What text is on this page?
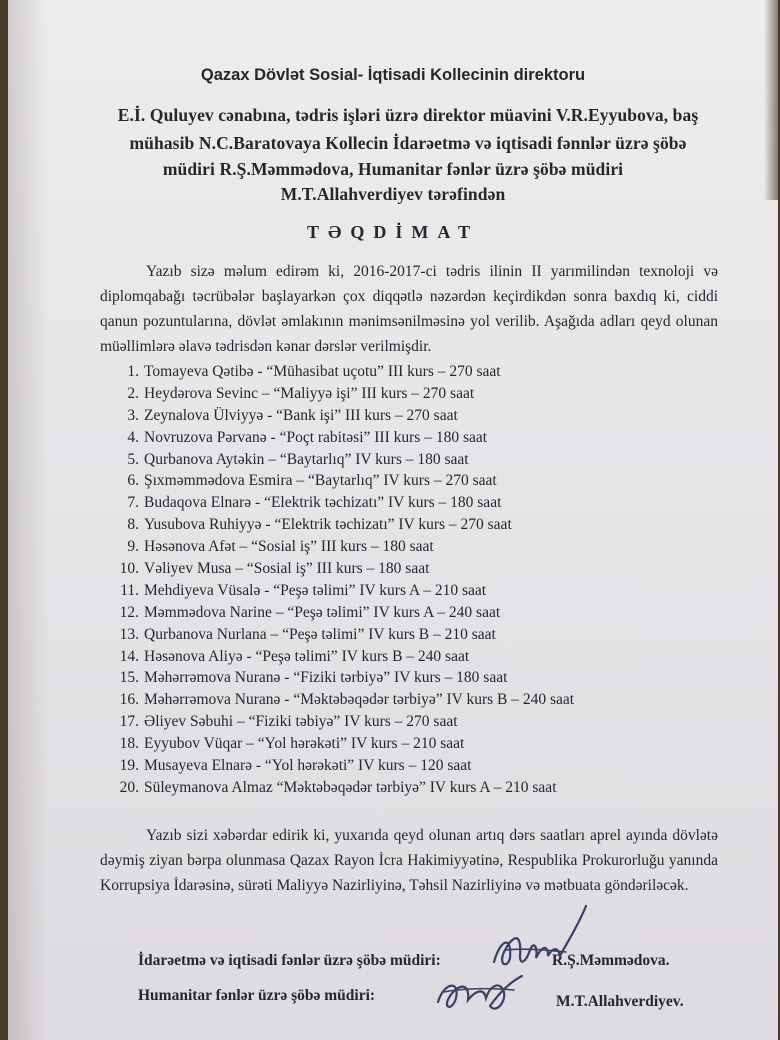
Qazax Dövlət Sosial- İqtisadi Kollecinin direktoru
E.İ. Quluyev cənabına, tədris işləri üzrə direktor müavini V.R.Eyyubova, baş
mühasib N.C.Baratovaya Kollecin İdarəetmə və iqtisadi fənnlər üzrə şöbə
müdiri R.Ş.Məmmədova, Humanitar fənlər üzrə şöbə müdiri
M.T.Allahverdiyev tərəfindən
TƏQDİMAT
Yazıb sizə məlum edirəm ki, 2016-2017-ci tədris ilinin II yarımilindən texnoloji və diplomqabağı təcrübələr başlayarkən çox diqqətlə nəzərdən keçirdikdən sonra baxdıq ki, ciddi qanun pozuntularına, dövlət əmlakının mənimsənilməsinə yol verilib. Aşağıda adları qeyd olunan müəllimlərə əlavə tədrisdən kənar dərslər verilmişdir.
1. Tomayeva Qətibə - “Mühasibat uçotu” III kurs – 270 saat
2. Heydərova Sevinc – “Maliyyə işi” III kurs – 270 saat
3. Zeynalova Ülviyyə - “Bank işi” III kurs – 270 saat
4. Novruzova Pərvanə - “Poçt rabitəsi” III kurs – 180 saat
5. Qurbanova Aytəkin – “Baytarlıq” IV kurs – 180 saat
6. Şıxməmmədova Esmira – “Baytarlıq” IV kurs – 270 saat
7. Budaqova Elnarə - “Elektrik təchizatı” IV kurs – 180 saat
8. Yusubova Ruhiyyə - “Elektrik təchizatı” IV kurs – 270 saat
9. Həsənova Afət – “Sosial iş” III kurs – 180 saat
10. Vəliyev Musa – “Sosial iş” III kurs – 180 saat
11. Mehdiyeva Vüsalə - “Peşə təlimi” IV kurs A – 210 saat
12. Məmmədova Narine – “Peşə təlimi” IV kurs A – 240 saat
13. Qurbanova Nurlana – “Peşə təlimi” IV kurs B – 210 saat
14. Həsənova Aliyə - “Peşə təlimi” IV kurs B – 240 saat
15. Məhərrəmova Nuranə - “Fiziki tərbiyə” IV kurs – 180 saat
16. Məhərrəmova Nuranə - “Məktəbəqədər tərbiyə” IV kurs B – 240 saat
17. Əliyev Səbuhi – “Fiziki təbiyə” IV kurs – 270 saat
18. Eyyubov Vüqar – “Yol hərəkəti” IV kurs – 210 saat
19. Musayeva Elnarə - “Yol hərəkəti” IV kurs – 120 saat
20. Süleymanova Almaz “Məktəbəqədər tərbiyə” IV kurs A – 210 saat
Yazıb sizi xəbərdar edirik ki, yuxarıda qeyd olunan artıq dərs saatları aprel ayında dövlətə dəymiş ziyan bərpa olunmasa Qazax Rayon İcra Hakimiyyətinə, Respublika Prokurorluğu yanında Korrupsiya İdarəsinə, sürəti Maliyyə Nazirliyinə, Təhsil Nazirliyinə və mətbuata göndəriləcək.
İdarəetmə və iqtisadi fənlər üzrə şöbə müdiri:	R.Ş.Məmmədova.
Humanitar fənlər üzrə şöbə müdiri:	M.T.Allahverdiyev.
